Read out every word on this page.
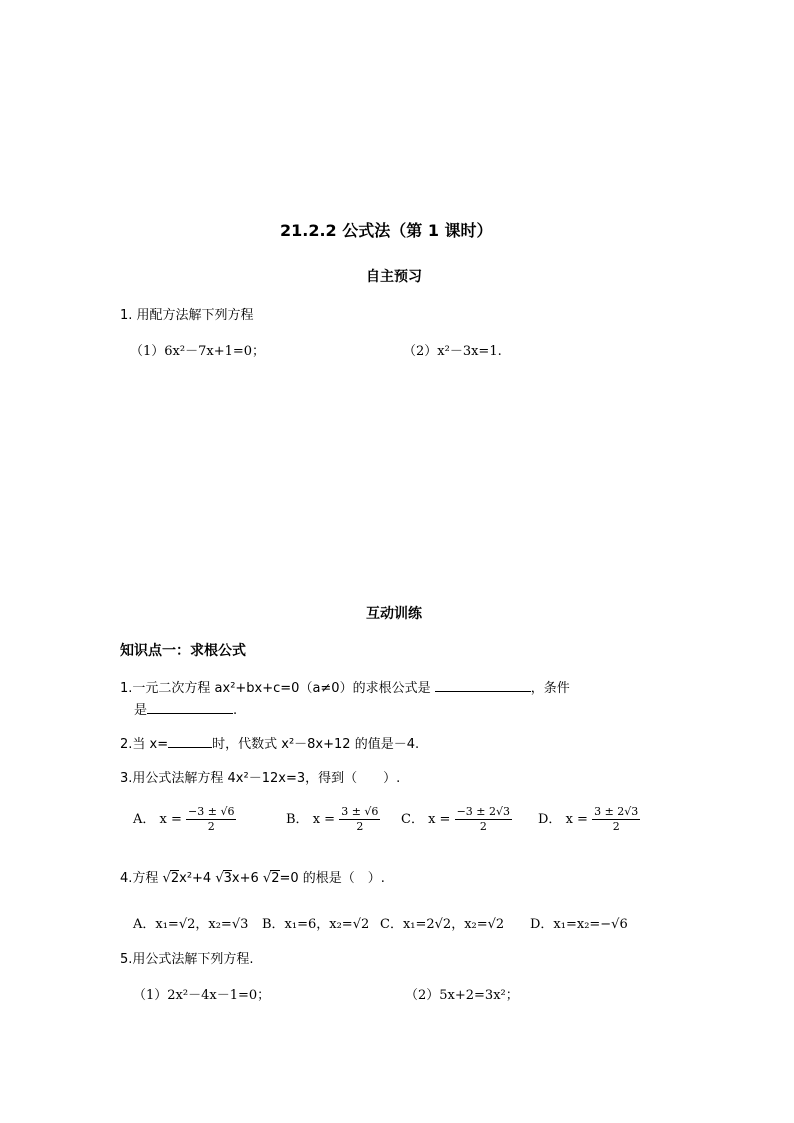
21.2.2 公式法（第 1 课时）
自主预习
1. 用配方法解下列方程
（1）6x²－7x+1=0；	（2）x²－3x=1.
互动训练
知识点一：求根公式
1.一元二次方程 ax²+bx+c=0（a≠0）的求根公式是	，条件
是	.
2.当 x=	时，代数式 x²－8x+12 的值是－4.
3.用公式法解方程 4x²－12x=3，得到（　　）.
A． $x = \frac{-3 \pm √6}{2}$	B． $x = \frac{3 \pm √6}{2}$ C． $x = \frac{-3 \pm 2√3}{2}$ D． $x = \frac{3 \pm 2√3}{2}$
4.方程 √2x²+4 √3x+6 √2=0 的根是（　）.
A．x₁=√2，x₂=√3 B．x₁=6，x₂=√2 C．x₁=2√2，x₂=√2 D．x₁=x₂=−√6
5.用公式法解下列方程.
（1）2x²－4x－1=0；	（2）5x+2=3x²；
